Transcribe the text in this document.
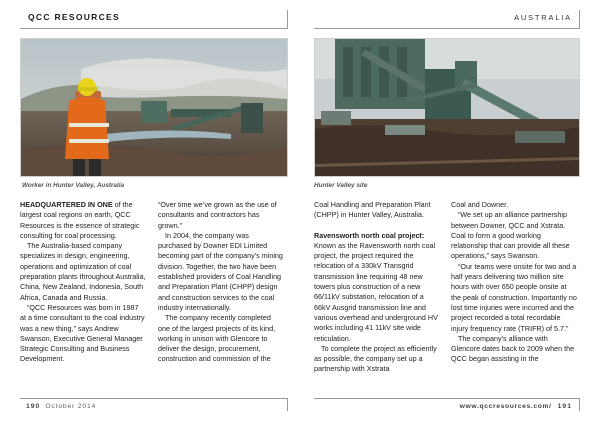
QCC RESOURCES
Worker in Hunter Valley, Australia

HEADQUARTERED IN ONE of the largest coal regions on earth, QCC Resources is the essence of strategic consulting for coal processing.

The Australia-based company specializes in design, engineering, operations and optimization of coal preparation plants throughout Australia, China, New Zealand, Indonesia, South Africa, Canada and Russia.

“QCC Resources was born in 1987 at a time consultant to the coal industry was a new thing,” says Andrew Swanson, Executive General Manager Strategic Consulting and Business Development.

“Over time we’ve grown as the use of consultants and contractors has grown.”

In 2004, the company was purchased by Downer EDI Limited becoming part of the company’s mining division. Together, the two have been established providers of Coal Handling and Preparation Plant (CHPP) design and construction services to the coal industry internationally.

The company recently completed one of the largest projects of its kind, working in unison with Glencore to deliver the design, procurement, construction and commission of the

190 October 2014
AUSTRALIA
Hunter Valley site

Coal Handling and Preparation Plant (CHPP) in Hunter Valley, Australia.

Ravensworth north coal project: Known as the Ravensworth north coal project, the project required the relocation of a 330kV Transgrid transmission line requiring 48 new towers plus construction of a new 66/11kV substation, relocation of a 66kV Ausgrid transmission line and various overhead and underground HV works including 41 11kV site wide reticulation.

To complete the project as efficiently as possible, the company set up a partnership with Xstrata

Coal and Downer.

“We set up an alliance partnership between Downer, QCC and Xstrata. Coal to form a good working relationship that can provide all these operations,” says Swanson.

“Our teams were onsite for two and a half years delivering two million site hours with over 650 people onsite at the peak of construction. Importantly no lost time injuries were incurred and the project recorded a total recordable injury frequency rate (TRIFR) of 5.7.”

The company’s alliance with Glencore dates back to 2009 when the QCC began assisting in the

www.qccresources.com/ 191
